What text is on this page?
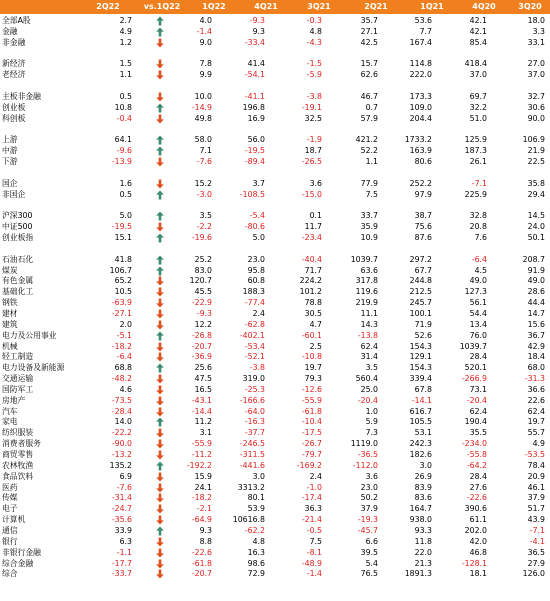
2Q22	vs.1Q22	1Q22	4Q21	3Q21	2Q21	1Q21	4Q20	3Q20
全部A股	2.7	4.0	-9.3	-0.3	35.7	53.6	42.1	18.0
金融	4.9	-1.4	9.3	4.8	27.1	7.7	42.1	3.3
非金融	1.2	9.0	-33.4	-4.3	42.5	167.4	85.4	33.1
新经济	1.5	7.8	41.4	-1.5	15.7	114.8	418.4	27.0
老经济	1.1	9.9	-54.1	-5.9	62.6	222.0	37.0	37.0
主板非金融	0.5	10.0	-41.1	-3.8	46.7	173.3	69.7	32.7
创业板	10.8	-14.9	196.8	-19.1	0.7	109.0	32.2	30.6
科创板	-0.4	49.8	16.9	32.5	57.9	204.4	51.0	90.0
上游	64.1	58.0	56.0	-1.9	421.2	1733.2	125.9	106.9
中游	-9.6	7.1	-19.5	18.7	52.2	163.9	187.3	21.9
下游	-13.9	-7.6	-89.4	-26.5	1.1	80.6	26.1	22.5
国企	1.6	15.2	3.7	3.6	77.9	252.2	-7.1	35.8
非国企	0.5	-3.0	-108.5	-15.0	7.5	97.9	225.9	29.4
沪深300	5.0	3.5	-5.4	0.1	33.7	38.7	32.8	14.5
中证500	-19.5	-2.2	-80.6	11.7	35.9	75.6	20.8	24.0
创业板指	15.1	-19.6	5.0	-23.4	10.9	87.6	7.6	50.1
石油石化	41.8	25.2	23.0	-40.4	1039.7	297.2	-6.4	208.7
煤炭	106.7	83.0	95.8	71.7	63.6	67.7	4.5	91.9
有色金属	65.2	120.7	60.8	224.2	317.8	244.8	49.0	49.0
基础化工	10.5	45.5	188.3	101.2	119.6	212.5	127.3	28.6
钢铁	-63.9	-22.9	-77.4	78.8	219.9	245.7	56.1	44.4
建材	-27.1	-9.3	2.4	30.5	11.1	100.1	54.4	14.7
建筑	2.0	12.2	-62.8	4.7	14.3	71.9	13.4	15.6
电力及公用事业	-5.1	-26.8	-402.1	-60.1	-13.8	52.6	76.0	36.7
机械	-18.2	-20.7	-53.4	2.5	62.4	154.3	1039.7	42.9
轻工制造	-6.4	-36.9	-52.1	-10.8	31.4	129.1	28.4	18.4
电力设备及新能源	68.8	25.6	-3.8	19.7	3.5	154.3	520.1	68.0
交通运输	-48.2	47.5	319.0	79.3	560.4	339.4	-266.9	-31.3
国防军工	4.6	16.5	-25.3	-12.6	25.0	67.8	73.1	36.6
房地产	-73.5	-43.1	-166.6	-55.9	-20.4	-14.1	-20.4	22.6
汽车	-28.4	-14.4	-64.0	-61.8	1.0	616.7	62.4	62.4
家电	14.0	11.2	-16.3	-10.4	5.9	105.5	190.4	19.7
纺织服装	-22.2	3.1	-37.7	-17.5	7.3	53.1	35.5	55.7
消费者服务	-90.0	-55.9	-246.5	-26.7	1119.0	242.3	-234.0	4.9
商贸零售	-13.2	-11.2	-311.5	-79.7	-36.5	182.6	-55.8	-53.5
农林牧渔	135.2	-192.2	-441.6	-169.2	-112.0	3.0	-64.2	78.4
食品饮料	6.9	15.9	3.0	2.4	3.6	26.9	28.4	20.9
医药	-7.6	24.1	3313.2	-1.0	23.0	83.9	27.6	46.1
传媒	-31.4	-18.2	80.1	-17.4	50.2	83.6	-22.6	37.9
电子	-24.7	-2.1	53.9	36.3	37.9	164.7	390.6	51.7
计算机	-35.6	-64.9	10616.8	-21.4	-19.3	938.0	61.1	43.9
通信	33.9	9.3	-62.2	-0.5	-45.7	93.3	202.0	-7.1
银行	6.3	8.8	4.8	7.5	6.6	11.8	42.0	-4.1
非银行金融	-1.1	-22.6	16.3	-8.1	39.5	22.0	46.8	36.5
综合金融	-17.7	-61.8	98.6	-48.9	5.4	21.3	-128.1	27.9
综合	-33.7	-20.7	72.9	-1.4	76.5	1891.3	18.1	126.0
